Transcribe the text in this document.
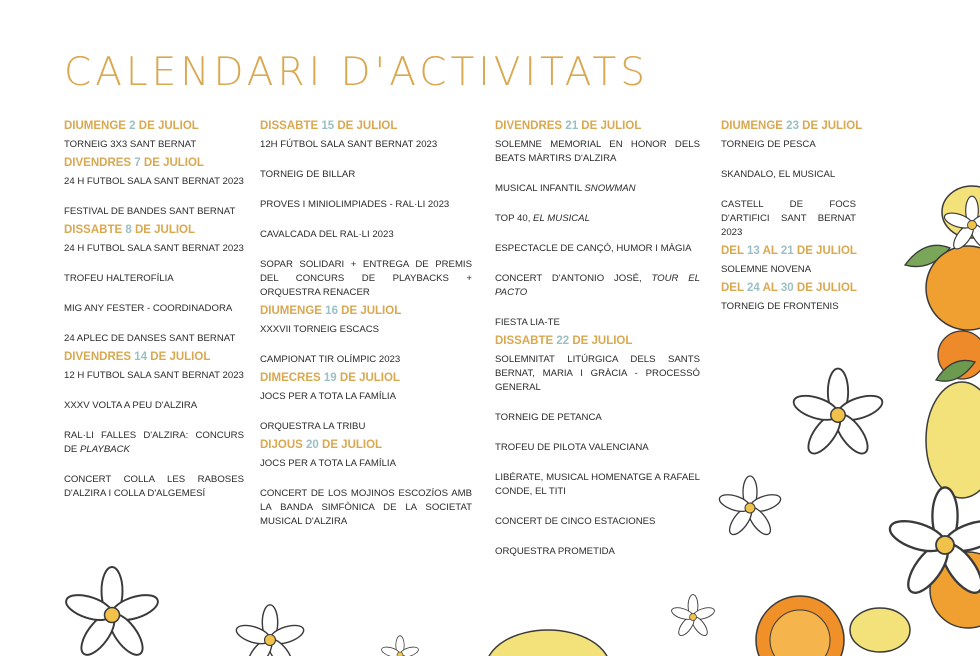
CALENDARI D'ACTIVITATS
DIUMENGE 2 DE JULIOL
TORNEIG 3X3 SANT BERNAT
DIVENDRES 7 DE JULIOL
24 H FUTBOL SALA SANT BERNAT 2023
FESTIVAL DE BANDES SANT BERNAT
DISSABTE 8 DE JULIOL
24 H FUTBOL SALA SANT BERNAT 2023
TROFEU HALTEROFÍLIA
MIG ANY FESTER - COORDINADORA
24 APLEC DE DANSES SANT BERNAT
DIVENDRES 14 DE JULIOL
12 H FUTBOL SALA SANT BERNAT 2023
XXXV VOLTA A PEU D'ALZIRA
RAL·LI FALLES D'ALZIRA: CONCURS DE PLAYBACK
CONCERT COLLA LES RABOSES D'ALZIRA I COLLA D'ALGEMESÍ
DISSABTE 15 DE JULIOL
12H FÚTBOL SALA SANT BERNAT 2023
TORNEIG DE BILLAR
PROVES I MINIOLIMPIADES - RAL·LI 2023
CAVALCADA DEL RAL·LI 2023
SOPAR SOLIDARI + ENTREGA DE PREMIS DEL CONCURS DE PLAYBACKS + ORQUESTRA RENACER
DIUMENGE 16 DE JULIOL
XXXVII TORNEIG ESCACS
CAMPIONAT TIR OLÍMPIC 2023
DIMECRES 19 DE JULIOL
JOCS PER A TOTA LA FAMÍLIA
ORQUESTRA LA TRIBU
DIJOUS 20 DE JULIOL
JOCS PER A TOTA LA FAMÍLIA
CONCERT DE LOS MOJINOS ESCOZÍOS AMB LA BANDA SIMFÒNICA DE LA SOCIETAT MUSICAL D'ALZIRA
DIVENDRES 21 DE JULIOL
SOLEMNE MEMORIAL EN HONOR DELS BEATS MÀRTIRS D'ALZIRA
MUSICAL INFANTIL SNOWMAN
TOP 40, EL MUSICAL
ESPECTACLE DE CANÇÓ, HUMOR I MÀGIA
CONCERT D'ANTONIO JOSÉ, TOUR EL PACTO
FIESTA LIA-TE
DISSABTE 22 DE JULIOL
SOLEMNITAT LITÚRGICA DELS SANTS BERNAT, MARIA I GRÀCIA - PROCESSÓ GENERAL
TORNEIG DE PETANCA
TROFEU DE PILOTA VALENCIANA
LIBÉRATE, MUSICAL HOMENATGE A RAFAEL CONDE, EL TITI
CONCERT DE CINCO ESTACIONES
ORQUESTRA PROMETIDA
DIUMENGE 23 DE JULIOL
TORNEIG DE PESCA
SKANDALO, EL MUSICAL
CASTELL DE FOCS D'ARTIFICI SANT BERNAT 2023
DEL 13 AL 21 DE JULIOL
SOLEMNE NOVENA
DEL 24 AL 30 DE JULIOL
TORNEIG DE FRONTENIS
